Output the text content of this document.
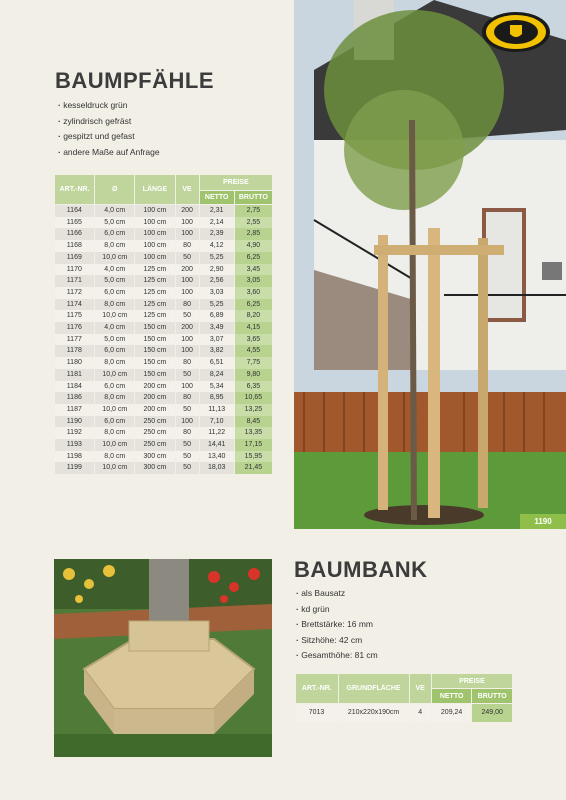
BAUMPFÄHLE
· kesseldruck grün
· zylindrisch gefräst
· gespitzt und gefast
· andere Maße auf Anfrage
ART.-NR.	Ø	LÄNGE	VE	PREISE	
				NETTO	BRUTTO
1164	4,0 cm	100 cm	200	2,31	2,75
1165	5,0 cm	100 cm	100	2,14	2,55
1166	6,0 cm	100 cm	100	2,39	2,85
1168	8,0 cm	100 cm	80	4,12	4,90
1169	10,0 cm	100 cm	50	5,25	6,25
1170	4,0 cm	125 cm	200	2,90	3,45
1171	5,0 cm	125 cm	100	2,56	3,05
1172	6,0 cm	125 cm	100	3,03	3,60
1174	8,0 cm	125 cm	80	5,25	6,25
1175	10,0 cm	125 cm	50	6,89	8,20
1176	4,0 cm	150 cm	200	3,49	4,15
1177	5,0 cm	150 cm	100	3,07	3,65
1178	6,0 cm	150 cm	100	3,82	4,55
1180	8,0 cm	150 cm	80	6,51	7,75
1181	10,0 cm	150 cm	50	8,24	9,80
1184	6,0 cm	200 cm	100	5,34	6,35
1186	8,0 cm	200 cm	80	8,95	10,65
1187	10,0 cm	200 cm	50	11,13	13,25
1190	6,0 cm	250 cm	100	7,10	8,45
1192	8,0 cm	250 cm	80	11,22	13,35
1193	10,0 cm	250 cm	50	14,41	17,15
1198	8,0 cm	300 cm	50	13,40	15,95
1199	10,0 cm	300 cm	50	18,03	21,45
1190
BAUMBANK
· als Bausatz
· kd grün
· Brettstärke: 16 mm
· Sitzhöhe: 42 cm
· Gesamthöhe: 81 cm
ART.-NR.	GRUNDFLÄCHE	VE	PREISE	
			NETTO	BRUTTO
7013	210x220x190cm	4	209,24	249,00
